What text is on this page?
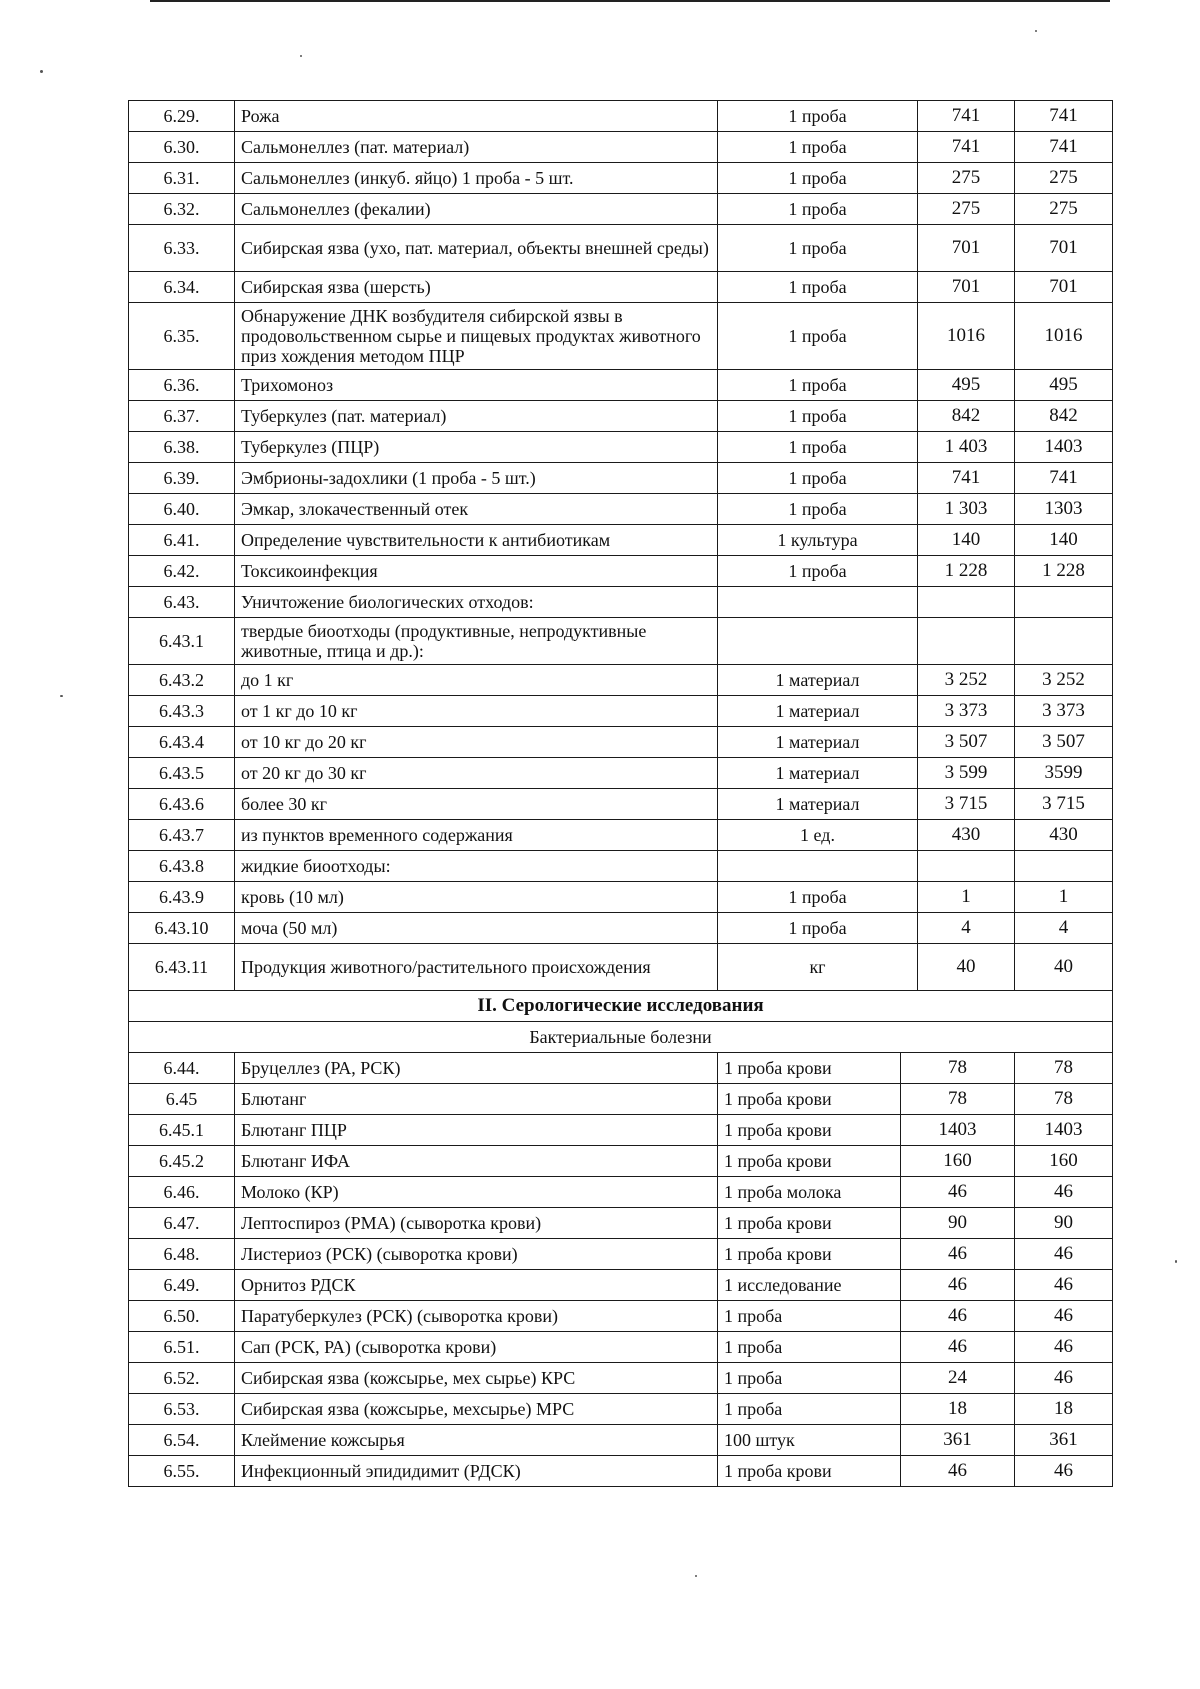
6.29.	Рожа	1 проба		741	741
6.30.	Сальмонеллез (пат. материал)	1 проба		741	741
6.31.	Сальмонеллез (инкуб. яйцо) 1 проба - 5 шт.	1 проба		275	275
6.32.	Сальмонеллез (фекалии)	1 проба		275	275
6.33.	Сибирская язва (ухо, пат. материал, объекты внешней среды)	1 проба		701	701
6.34.	Сибирская язва (шерсть)	1 проба		701	701
6.35.	Обнаружение ДНК возбудителя сибирской язвы в продовольственном сырье и пищевых продуктах животного приз хождения методом ПЦР	1 проба		1016	1016
6.36.	Трихомоноз	1 проба		495	495
6.37.	Туберкулез (пат. материал)	1 проба		842	842
6.38.	Туберкулез (ПЦР)	1 проба		1 403	1403
6.39.	Эмбрионы-задохлики (1 проба - 5 шт.)	1 проба		741	741
6.40.	Эмкар, злокачественный отек	1 проба		1 303	1303
6.41.	Определение чувствительности к антибиотикам	1 культура		140	140
6.42.	Токсикоинфекция	1 проба		1 228	1 228
6.43.	Уничтожение биологических отходов:				
6.43.1	твердые биоотходы (продуктивные, непродуктивные животные, птица и др.):				
6.43.2	до 1 кг	1 материал		3 252	3 252
6.43.3	от 1 кг до 10 кг	1 материал		3 373	3 373
6.43.4	от 10 кг до 20 кг	1 материал		3 507	3 507
6.43.5	от 20 кг до 30 кг	1 материал		3 599	3599
6.43.6	более 30 кг	1 материал		3 715	3 715
6.43.7	из пунктов временного содержания	1 ед.		430	430
6.43.8	жидкие биоотходы:				
6.43.9	кровь (10 мл)	1 проба		1	1
6.43.10	моча (50 мл)	1 проба		4	4
6.43.11	Продукция животного/растительного происхождения	кг		40	40
II. Серологические исследования					
Бактериальные болезни					
6.44.	Бруцеллез (РА, РСК)	1 проба крови	78		78
6.45	Блютанг	1 проба крови	78		78
6.45.1	Блютанг ПЦР	1 проба крови	1403		1403
6.45.2	Блютанг ИФА	1 проба крови	160		160
6.46.	Молоко (КР)	1 проба молока	46		46
6.47.	Лептоспироз (РМА) (сыворотка крови)	1 проба крови	90		90
6.48.	Листериоз (РСК) (сыворотка крови)	1 проба крови	46		46
6.49.	Орнитоз РДСК	1 исследование	46		46
6.50.	Паратуберкулез (РСК) (сыворотка крови)	1 проба	46		46
6.51.	Сап (РСК, РА) (сыворотка крови)	1 проба	46		46
6.52.	Сибирская язва (кожсырье, мех сырье) КРС	1 проба	24		46
6.53.	Сибирская язва (кожсырье, мехсырье) МРС	1 проба	18		18
6.54.	Клеймение кожсырья	100 штук	361		361
6.55.	Инфекционный эпидидимит (РДСК)	1 проба крови	46		46
